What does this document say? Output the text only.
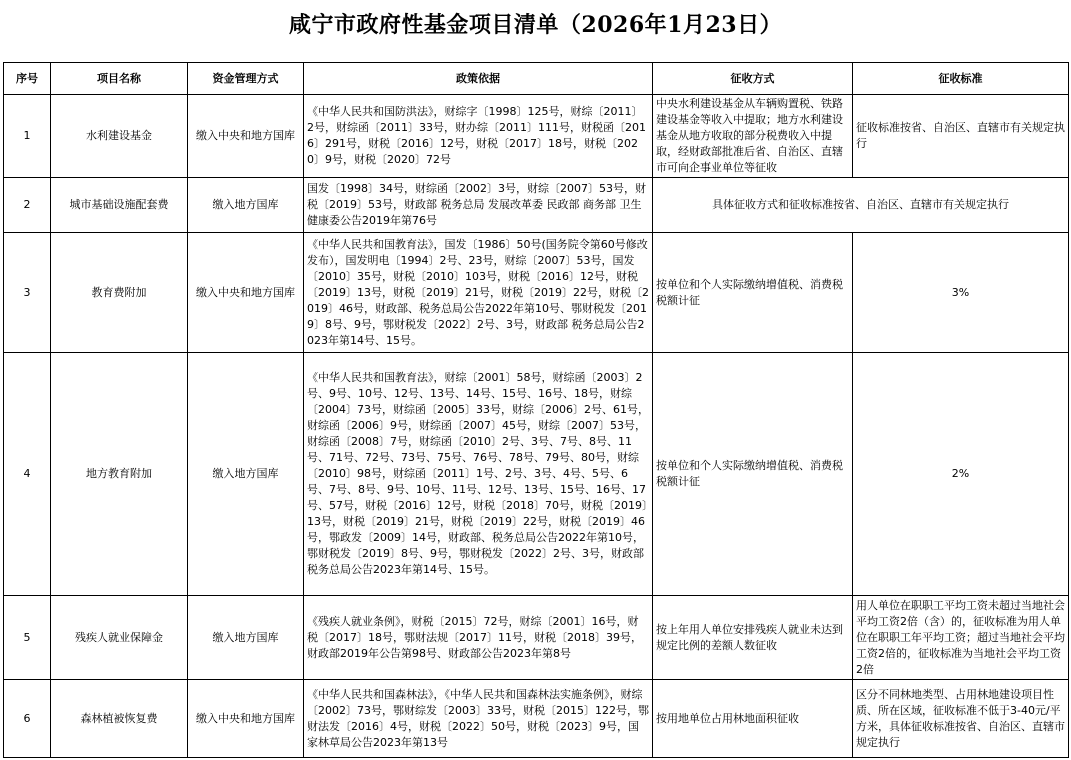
咸宁市政府性基金项目清单（2026年1月23日）
序号	项目名称	资金管理方式	政策依据	征收方式	征收标准
1	水利建设基金	缴入中央和地方国库	《中华人民共和国防洪法》，财综字〔1998〕125号，财综〔2011〕2号，财综函〔2011〕33号，财办综〔2011〕111号，财税函〔2016〕291号，财税〔2016〕12号，财税〔2017〕18号，财税〔2020〕9号，财税〔2020〕72号	中央水利建设基金从车辆购置税、铁路建设基金等收入中提取；地方水利建设基金从地方收取的部分税费收入中提取，经财政部批准后省、自治区、直辖市可向企事业单位等征收	征收标准按省、自治区、直辖市有关规定执行
2	城市基础设施配套费	缴入地方国库	国发〔1998〕34号，财综函〔2002〕3号，财综〔2007〕53号，财税〔2019〕53号，财政部 税务总局 发展改革委 民政部 商务部 卫生健康委公告2019年第76号	具体征收方式和征收标准按省、自治区、直辖市有关规定执行	
3	教育费附加	缴入中央和地方国库	《中华人民共和国教育法》，国发〔1986〕50号(国务院令第60号修改发布），国发明电〔1994〕2号、23号，财综〔2007〕53号，国发〔2010〕35号，财税〔2010〕103号，财税〔2016〕12号，财税〔2019〕13号，财税〔2019〕21号，财税〔2019〕22号，财税〔2019〕46号，财政部、税务总局公告2022年第10号、鄂财税发〔2019〕8号、9号，鄂财税发〔2022〕2号、3号，财政部 税务总局公告2023年第14号、15号。	按单位和个人实际缴纳增值税、消费税税额计征	3%
4	地方教育附加	缴入地方国库	《中华人民共和国教育法》，财综〔2001〕58号，财综函〔2003〕2号、9号、10号、12号、13号、14号、15号、16号、18号，财综〔2004〕73号，财综函〔2005〕33号，财综〔2006〕2号、61号，财综函〔2006〕9号，财综函〔2007〕45号，财综〔2007〕53号，财综函〔2008〕7号，财综函〔2010〕2号、3号、7号、8号、11号、71号、72号、73号、75号、76号、78号、79号、80号，财综〔2010〕98号，财综函〔2011〕1号、2号、3号、4号、5号、6号、7号、8号、9号、10号、11号、12号、13号、15号、16号、17号、57号，财税〔2016〕12号，财税〔2018〕70号，财税〔2019〕13号，财税〔2019〕21号，财税〔2019〕22号，财税〔2019〕46号，鄂政发〔2009〕14号，财政部、税务总局公告2022年第10号，鄂财税发〔2019〕8号、9号，鄂财税发〔2022〕2号、3号，财政部 税务总局公告2023年第14号、15号。	按单位和个人实际缴纳增值税、消费税税额计征	2%
5	残疾人就业保障金	缴入地方国库	《残疾人就业条例》，财税〔2015〕72号，财综〔2001〕16号，财税〔2017〕18号，鄂财法规〔2017〕11号，财税〔2018〕39号，财政部2019年公告第98号、财政部公告2023年第8号	按上年用人单位安排残疾人就业未达到规定比例的差额人数征收	用人单位在职职工平均工资未超过当地社会平均工资2倍（含）的，征收标准为用人单位在职职工年平均工资；超过当地社会平均工资2倍的，征收标准为当地社会平均工资2倍
6	森林植被恢复费	缴入中央和地方国库	《中华人民共和国森林法》，《中华人民共和国森林法实施条例》，财综〔2002〕73号，鄂财综发〔2003〕33号，财税〔2015〕122号，鄂财法发〔2016〕4号，财税〔2022〕50号，财税〔2023〕9号，国家林草局公告2023年第13号	按用地单位占用林地面积征收	区分不同林地类型、占用林地建设项目性质、所在区域，征收标准不低于3-40元/平方米，具体征收标准按省、自治区、直辖市规定执行
